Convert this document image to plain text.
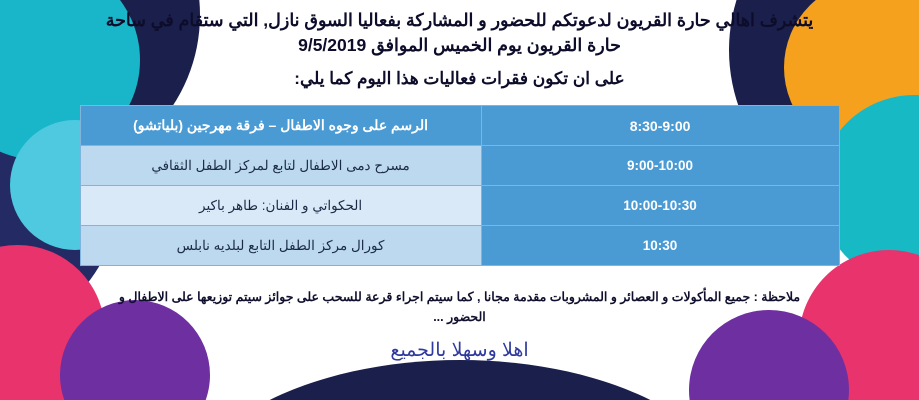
يتشرف اهالي حارة القريون لدعوتكم للحضور و المشاركة بفعاليا السوق نازل, التي ستقام في ساحة حارة القريون يوم الخميس الموافق 9/5/2019

على ان تكون فقرات فعاليات هذا اليوم كما يلي:

8:30-9:00	الرسم على وجوه الاطفال – فرقة مهرجين (بلياتشو)
9:00-10:00	مسرح دمى الاطفال لتابع لمركز الطفل الثقافي
10:00-10:30	الحكواتي و الفنان: طاهر باكير
10:30	كورال مركز الطفل التابع لبلديه نابلس
ملاحظة : جميع المأكولات و العصائر و المشروبات مقدمة مجانا , كما سيتم اجراء قرعة للسحب على جوائز سيتم توزيعها على الاطفال و الحضور ...
اهلا وسهلا بالجميع
